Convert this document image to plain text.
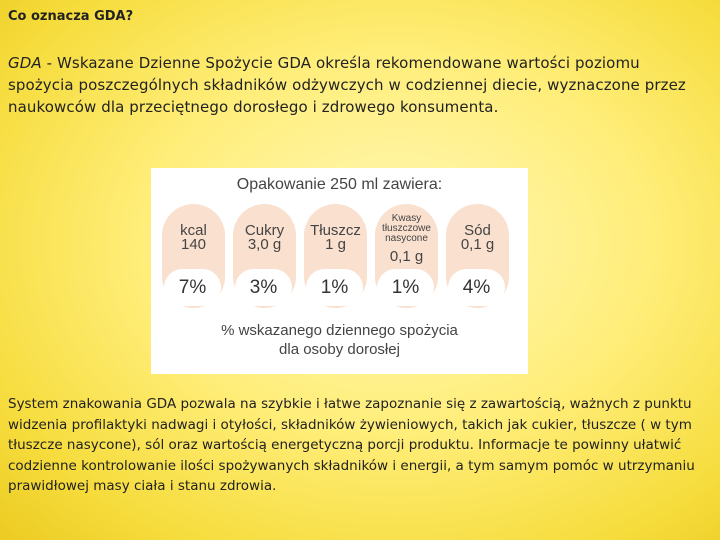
Co oznacza GDA?

GDA - Wskazane Dzienne Spożycie GDA określa rekomendowane wartości poziomu spożycia poszczególnych składników odżywczych w codziennej diecie, wyznaczone przez naukowców dla przeciętnego dorosłego i zdrowego konsumenta.

Opakowanie 250 ml zawiera:
kcal
140
7%
Cukry
3,0 g
3%
Tłuszcz
1 g
1%
Kwasy
tłuszczowe
nasycone
0,1 g
1%
Sód
0,1 g
4%
% wskazanego dziennego spożycia
dla osoby dorosłej

System znakowania GDA pozwala na szybkie i łatwe zapoznanie się z zawartością, ważnych z punktu widzenia profilaktyki nadwagi i otyłości, składników żywieniowych, takich jak cukier, tłuszcze ( w tym tłuszcze nasycone), sól oraz wartością energetyczną porcji produktu. Informacje te powinny ułatwić codzienne kontrolowanie ilości spożywanych składników i energii, a tym samym pomóc w utrzymaniu prawidłowej masy ciała i stanu zdrowia.
